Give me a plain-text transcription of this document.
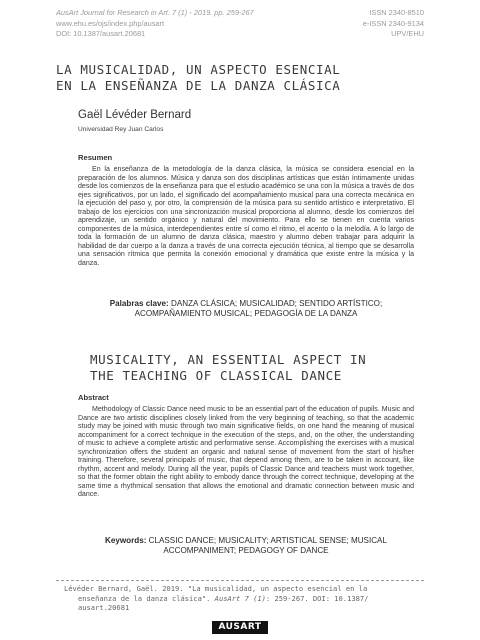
AusArt Journal for Research in Art. 7 (1) - 2019. pp. 259-267
www.ehu.es/ojs/index.php/ausart
DOI: 10.1387/ausart.20681
ISSN 2340-8510
e-ISSN 2340-9134
UPV/EHU
LA MUSICALIDAD, UN ASPECTO ESENCIAL
EN LA ENSEÑANZA DE LA DANZA CLÁSICA
Gaël Lévéder Bernard
Universidad Rey Juan Carlos
Resumen
En la enseñanza de la metodología de la danza clásica, la música se considera esencial en la preparación de los alumnos. Música y danza son dos disciplinas artísticas que están íntimamente unidas desde los comienzos de la enseñanza para que el estudio académico se una con la música a través de dos ejes significativos, por un lado, el significado del acompañamiento musical para una correcta mecánica en la ejecución del paso y, por otro, la comprensión de la música para su sentido artístico e interpretativo. El trabajo de los ejercicios con una sincronización musical proporciona al alumno, desde los comienzos del aprendizaje, un sentido orgánico y natural del movimiento. Para ello se tienen en cuenta varios componentes de la música, interdependientes entre sí como el ritmo, el acento o la melodía. A lo largo de toda la formación de un alumno de danza clásica, maestro y alumno deben trabajar para adquirir la habilidad de dar cuerpo a la danza a través de una correcta ejecución técnica, al tiempo que se desarrolla una sensación rítmica que permita la conexión emocional y dramática que existe entre la música y la danza.
Palabras clave: DANZA CLÁSICA; MUSICALIDAD; SENTIDO ARTÍSTICO; ACOMPAÑAMIENTO MUSICAL; PEDAGOGÍA DE LA DANZA
MUSICALITY, AN ESSENTIAL ASPECT IN
THE TEACHING OF CLASSICAL DANCE
Abstract
Methodology of Classic Dance need music to be an essential part of the education of pupils. Music and Dance are two artistic disciplines closely linked from the very beginning of teaching, so that the academic study may be joined with music through two main significative fields, on one hand the meaning of musical accompaniment for a correct technique in the execution of the steps, and, on the other, the understanding of music to achieve a complete artistic and performative sense. Accomplishing the exercises with a musical synchronization offers the student an organic and natural sense of movement from the start of his/her training. Therefore, several principals of music, that depend among them, are to be taken in account, like rhythm, accent and melody. During all the year, pupils of Classic Dance and teachers must work together, so that the former obtain the right ability to embody dance through the correct technique, developing at the same time a rhythmical sensation that allows the emotional and dramatic connection between music and dance.
Keywords: CLASSIC DANCE; MUSICALITY; ARTISTICAL SENSE; MUSICAL ACCOMPANIMENT; PEDAGOGY OF DANCE
Lévéder Bernard, Gaël. 2019. "La musicalidad, un aspecto esencial en la
enseñanza de la danza clásica". AusArt 7 (1): 259-267. DOI: 10.1387/
ausart.20681
AUSART
